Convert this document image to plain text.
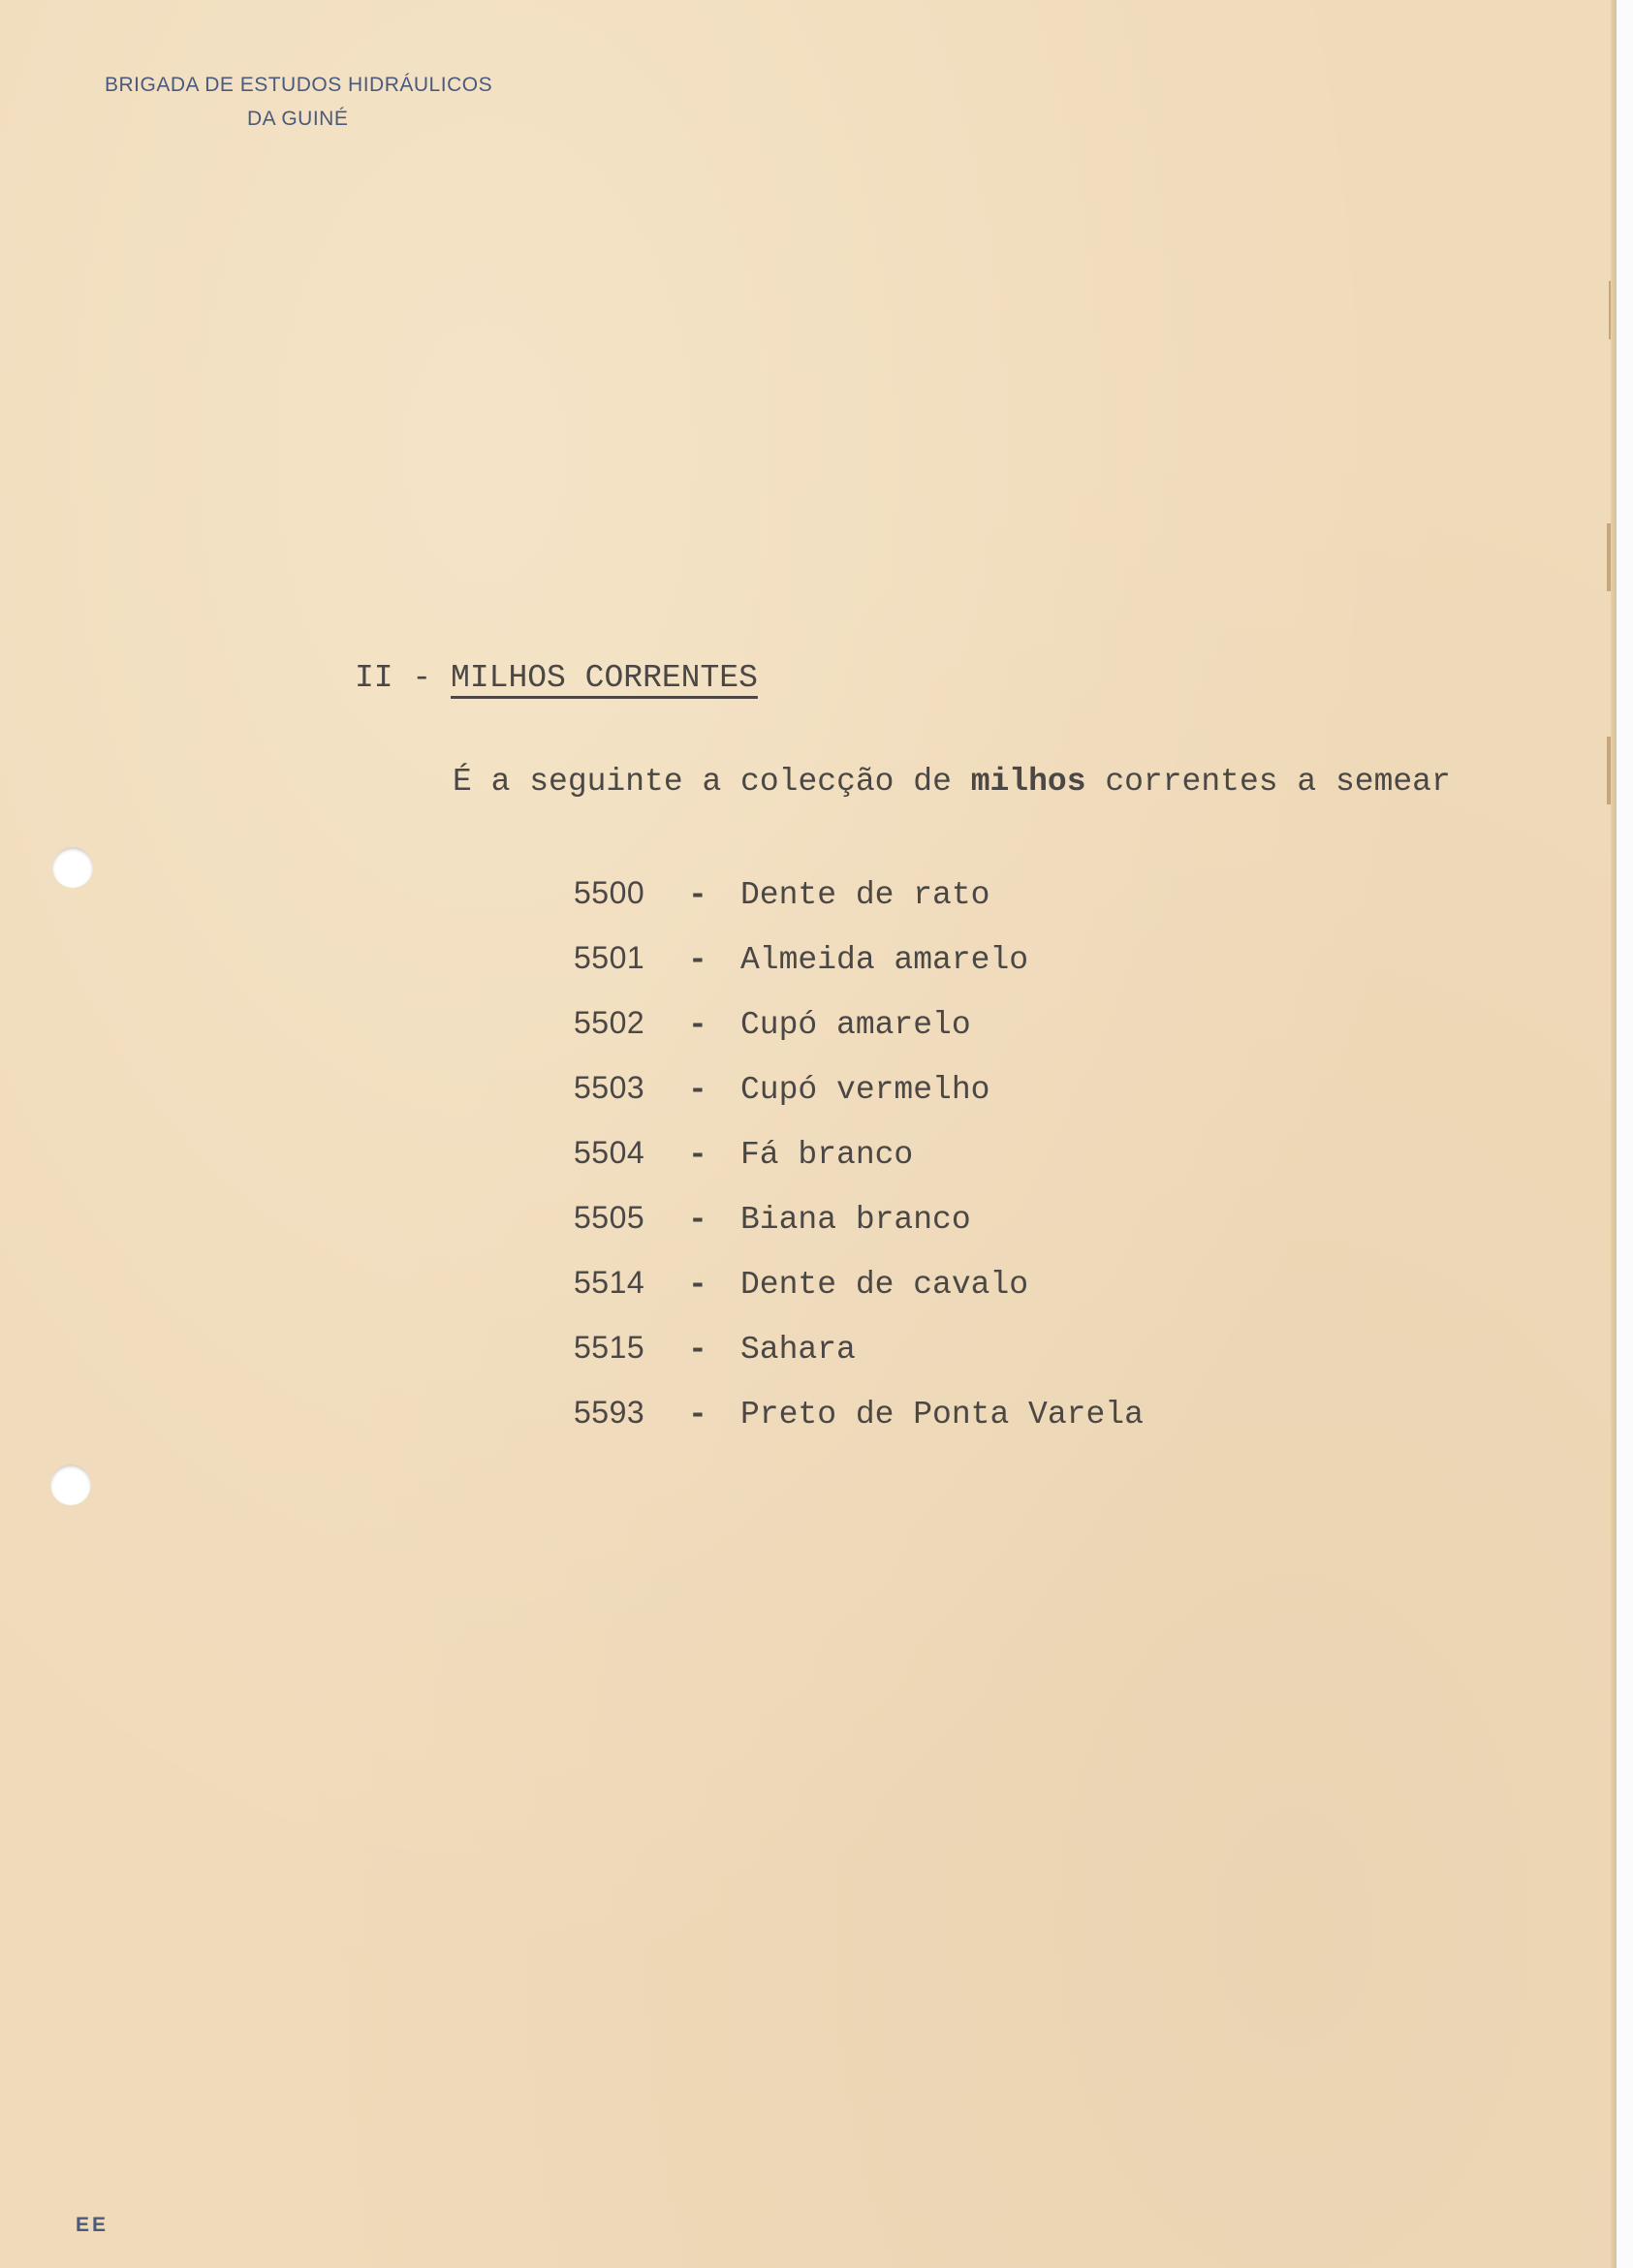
BRIGADA DE ESTUDOS HIDRÁULICOS
DA GUINÉ
II - MILHOS CORRENTES
É a seguinte a colecção de milhos correntes a semear
5500	-	Dente de rato
5501	-	Almeida amarelo
5502	-	Cupó amarelo
5503	-	Cupó vermelho
5504	-	Fá branco
5505	-	Biana branco
5514	-	Dente de cavalo
5515	-	Sahara
5593	-	Preto de Ponta Varela
EE
